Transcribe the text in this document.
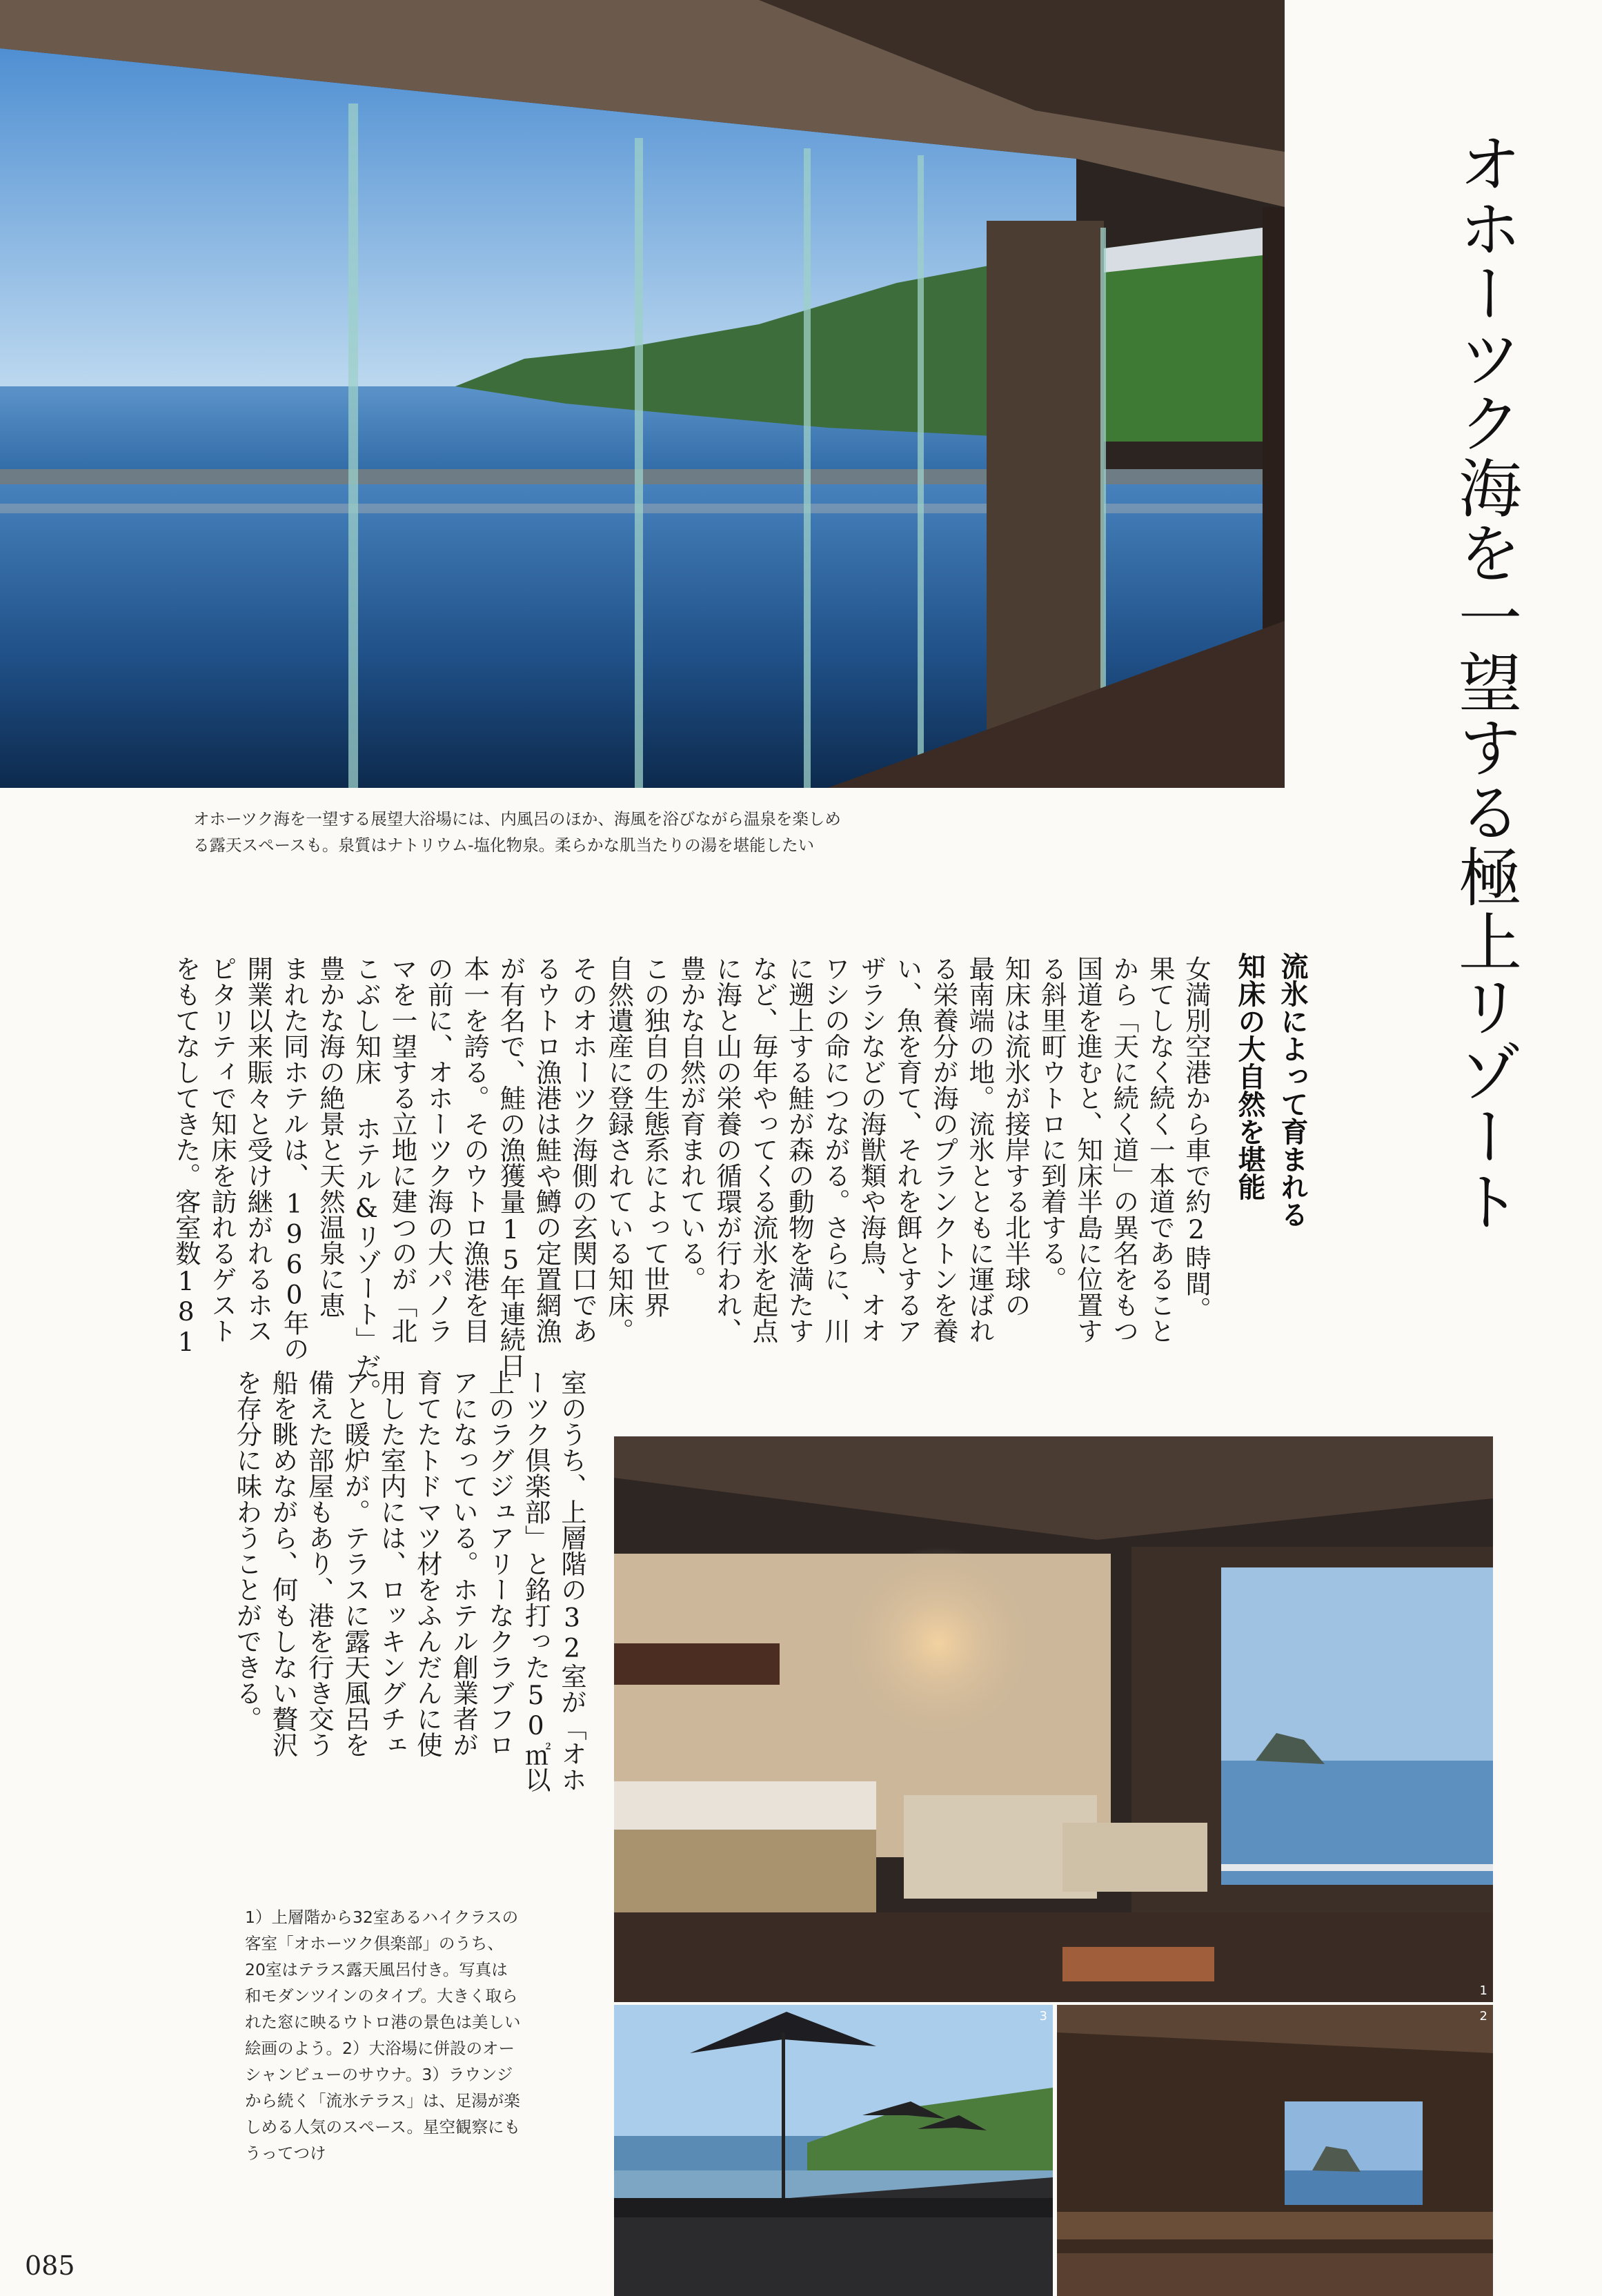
オホーツク海を一望する極上リゾート
オホーツク海を一望する展望大浴場には、内風呂のほか、海風を浴びながら温泉を楽しめ
る露天スペースも。泉質はナトリウム-塩化物泉。柔らかな肌当たりの湯を堪能したい
流氷によって育まれる
知床の大自然を堪能
女満別空港から車で約2時間。
果てしなく続く一本道であること
から「天に続く道」の異名をもつ
国道を進むと、知床半島に位置す
る斜里町ウトロに到着する。
知床は流氷が接岸する北半球の
最南端の地。流氷とともに運ばれ
る栄養分が海のプランクトンを養
い、魚を育て、それを餌とするア
ザラシなどの海獣類や海鳥、オオ
ワシの命につながる。さらに、川
に遡上する鮭が森の動物を満たす
など、毎年やってくる流氷を起点
に海と山の栄養の循環が行われ、
豊かな自然が育まれている。
この独自の生態系によって世界
自然遺産に登録されている知床。
そのオホーツク海側の玄関口であ
るウトロ漁港は鮭や鱒の定置網漁
が有名で、鮭の漁獲量15年連続日
本一を誇る。そのウトロ漁港を目
の前に、オホーツク海の大パノラ
マを一望する立地に建つのが「北
こぶし知床 ホテル&リゾート」だ。
豊かな海の絶景と天然温泉に恵
まれた同ホテルは、1960年の
開業以来賑々と受け継がれるホス
ピタリティで知床を訪れるゲスト
をもてなしてきた。客室数181
室のうち、上層階の32室が「オホ
ーツク倶楽部」と銘打った50㎡以
上のラグジュアリーなクラブフロ
アになっている。ホテル創業者が
育てたトドマツ材をふんだんに使
用した室内には、ロッキングチェ
アと暖炉が。テラスに露天風呂を
備えた部屋もあり、港を行き交う
船を眺めながら、何もしない贅沢
を存分に味わうことができる。
1
3	2
1）上層階から32室あるハイクラスの
客室「オホーツク倶楽部」のうち、
20室はテラス露天風呂付き。写真は
和モダンツインのタイプ。大きく取ら
れた窓に映るウトロ港の景色は美しい
絵画のよう。2）大浴場に併設のオー
シャンビューのサウナ。3）ラウンジ
から続く「流氷テラス」は、足湯が楽
しめる人気のスペース。星空観察にも
うってつけ
085
